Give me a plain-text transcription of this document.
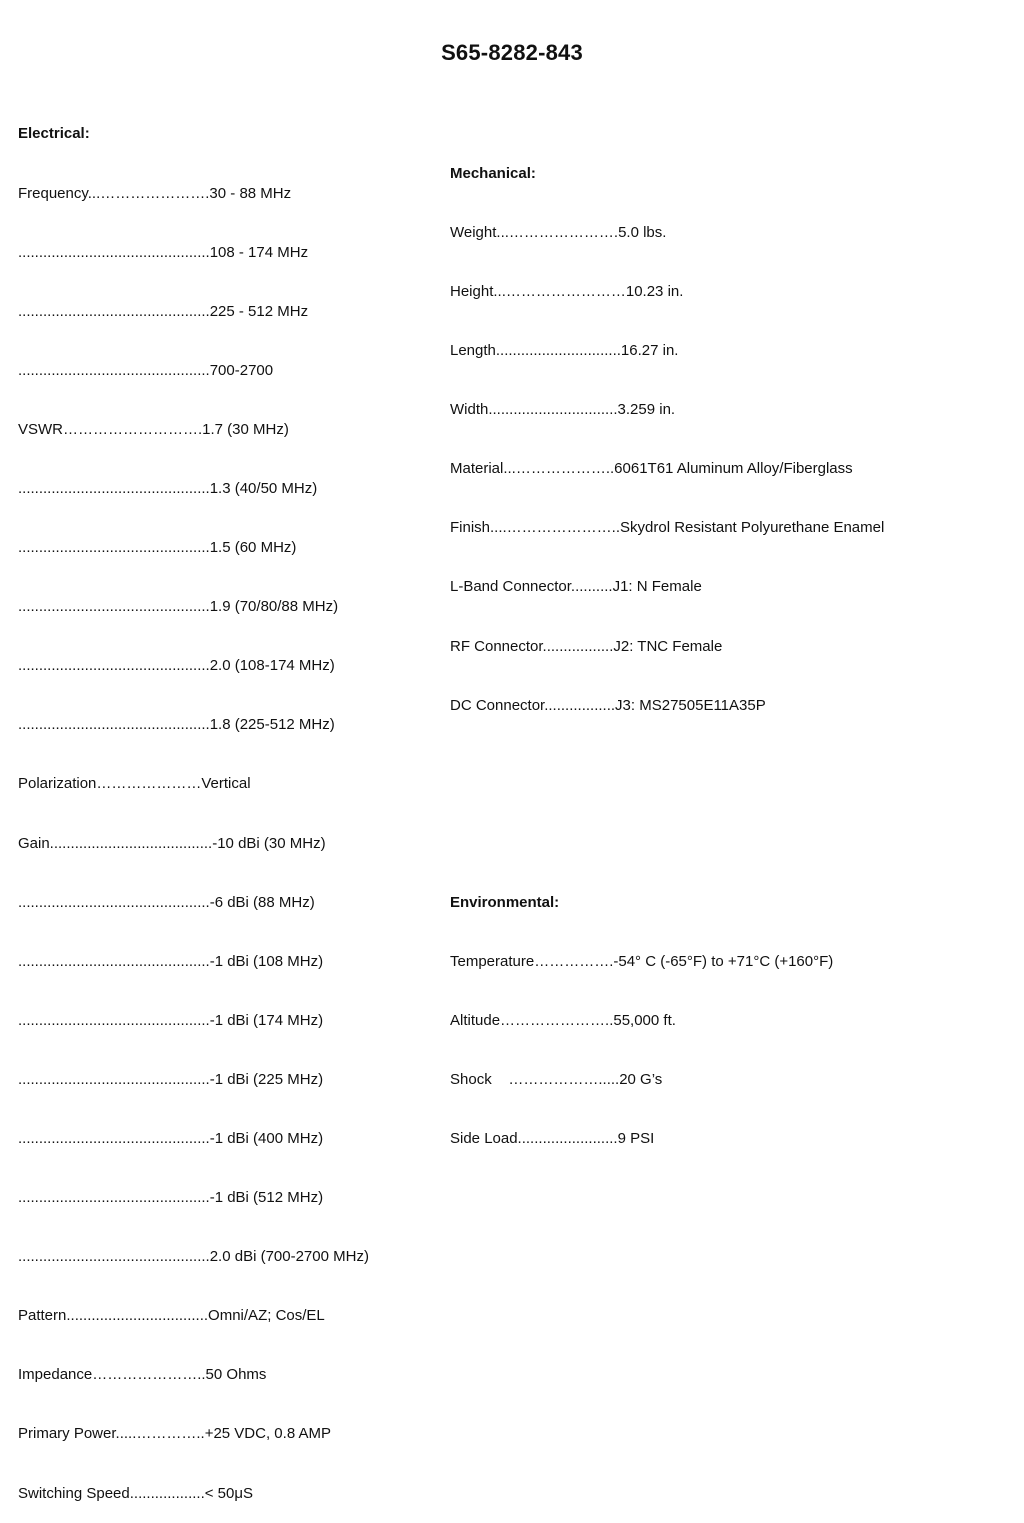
S65-8282-843

Electrical:

Frequency...………………….30 - 88 MHz

..............................................108 - 174 MHz

..............................................225 - 512 MHz

..............................................700-2700

VSWR……………………….1.7 (30 MHz)

..............................................1.3 (40/50 MHz)

..............................................1.5 (60 MHz)

..............................................1.9 (70/80/88 MHz)

..............................................2.0 (108-174 MHz)

..............................................1.8 (225-512 MHz)

Polarization…………………Vertical

Gain.......................................-10 dBi (30 MHz)

..............................................-6 dBi (88 MHz)

..............................................-1 dBi (108 MHz)

..............................................-1 dBi (174 MHz)

..............................................-1 dBi (225 MHz)

..............................................-1 dBi (400 MHz)

..............................................-1 dBi (512 MHz)

..............................................2.0 dBi (700-2700 MHz)

Pattern..................................Omni/AZ; Cos/EL

Impedance…………………..50 Ohms

Primary Power.....…………..+25 VDC, 0.8 AMP

Switching Speed..................< 50μS

Mechanical:

Weight...………………….5.0 lbs.

Height...……………………10.23 in.

Length..............................16.27 in.

Width...............................3.259 in.

Material...………………..6061T61 Aluminum Alloy/Fiberglass

Finish....…………………..Skydrol Resistant Polyurethane Enamel

L-Band Connector..........J1: N Female

RF Connector.................J2: TNC Female

DC Connector.................J3: MS27505E11A35P

Environmental:

Temperature…………….-54° C (-65°F) to +71°C (+160°F)

Altitude…………………..55,000 ft.

Shock    ……………….....20 G’s

Side Load........................9 PSI
